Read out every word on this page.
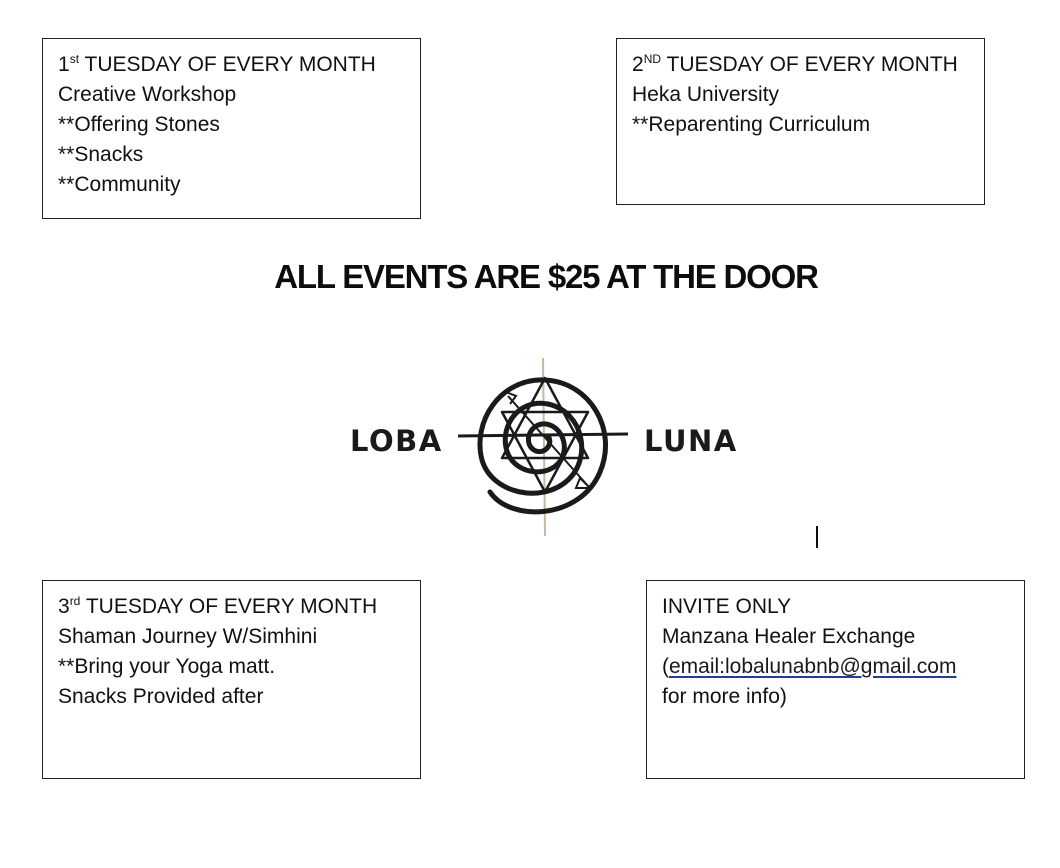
1st TUESDAY OF EVERY MONTH
Creative Workshop
**Offering Stones
**Snacks
**Community
2ND TUESDAY OF EVERY MONTH
Heka University
**Reparenting Curriculum
ALL EVENTS ARE $25 AT THE DOOR
LOBA	LUNA
3rd TUESDAY OF EVERY MONTH
Shaman Journey W/Simhini
**Bring your Yoga matt.
Snacks Provided after
INVITE ONLY
Manzana Healer Exchange
(email:lobalunabnb@gmail.com
for more info)
